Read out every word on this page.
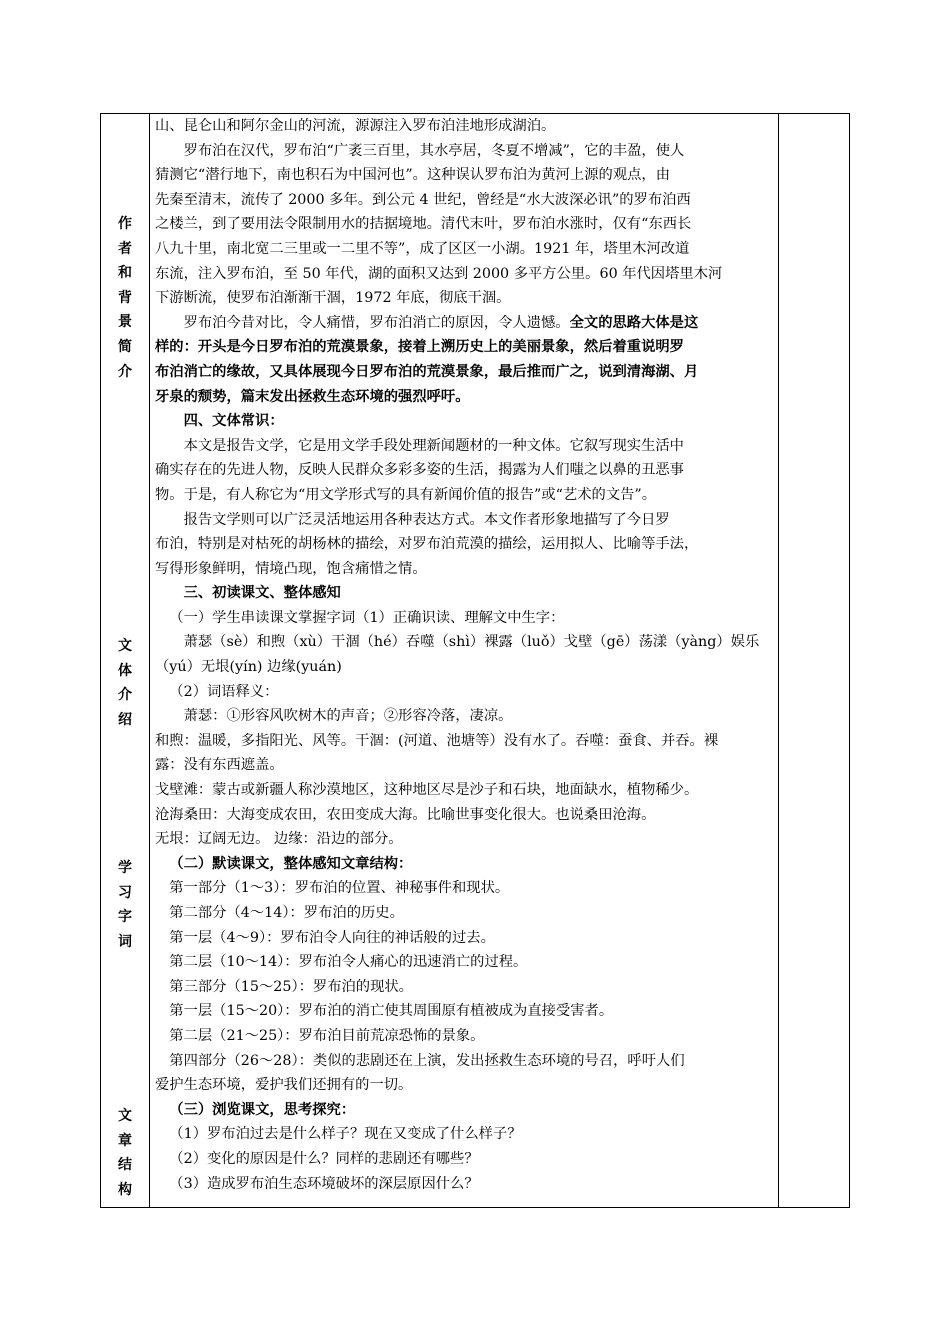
作
者
和
背
景
简
介
文
体
介
绍
学
习
字
词
文
章
结
构

山、昆仑山和阿尔金山的河流，源源注入罗布泊洼地形成湖泊。

罗布泊在汉代，罗布泊“广袤三百里，其水亭居，冬夏不增减”，它的丰盈，使人

猜测它“潜行地下，南也积石为中国河也”。这种误认罗布泊为黄河上源的观点，由

先秦至清末，流传了 2000 多年。到公元 4 世纪，曾经是“水大波深必讯”的罗布泊西

之楼兰，到了要用法令限制用水的拮据境地。清代末叶，罗布泊水涨时，仅有“东西长

八九十里，南北宽二三里或一二里不等”，成了区区一小湖。1921 年，塔里木河改道

东流，注入罗布泊，至 50 年代，湖的面积又达到 2000 多平方公里。60 年代因塔里木河

下游断流，使罗布泊渐渐干涸，1972 年底，彻底干涸。

罗布泊今昔对比，令人痛惜，罗布泊消亡的原因，令人遗憾。全文的思路大体是这

样的：开头是今日罗布泊的荒漠景象，接着上溯历史上的美丽景象，然后着重说明罗

布泊消亡的缘故，又具体展现今日罗布泊的荒漠景象，最后推而广之，说到清海湖、月

牙泉的颓势，篇末发出拯救生态环境的强烈呼吁。

四、文体常识：

本文是报告文学，它是用文学手段处理新闻题材的一种文体。它叙写现实生活中

确实存在的先进人物，反映人民群众多彩多姿的生活，揭露为人们嗤之以鼻的丑恶事

物。于是，有人称它为“用文学形式写的具有新闻价值的报告”或“艺术的文告”。

报告文学则可以广泛灵活地运用各种表达方式。本文作者形象地描写了今日罗

布泊，特别是对枯死的胡杨林的描绘，对罗布泊荒漠的描绘，运用拟人、比喻等手法，

写得形象鲜明，情境凸现，饱含痛惜之情。

三、初读课文、整体感知

（一）学生串读课文掌握字词（1）正确识读、理解文中生字：

萧瑟（sè）和煦（xù）干涸（hé）吞噬（shì）裸露（luǒ）戈壁（gē）荡漾（yàng）娱乐

（yú）无垠(yín) 边缘(yuán)

（2）词语释义：

萧瑟：①形容风吹树木的声音；②形容冷落，凄凉。

和煦：温暖，多指阳光、风等。干涸：(河道、池塘等）没有水了。吞噬：蚕食、并吞。裸

露：没有东西遮盖。

戈壁滩：蒙古或新疆人称沙漠地区，这种地区尽是沙子和石块，地面缺水，植物稀少。

沧海桑田：大海变成农田，农田变成大海。比喻世事变化很大。也说桑田沧海。

无垠：辽阔无边。 边缘：沿边的部分。

（二）默读课文，整体感知文章结构：

第一部分（1～3）：罗布泊的位置、神秘事件和现状。

第二部分（4～14）：罗布泊的历史。

第一层（4～9）：罗布泊令人向往的神话般的过去。

第二层（10～14）：罗布泊令人痛心的迅速消亡的过程。

第三部分（15～25）：罗布泊的现状。

第一层（15～20）：罗布泊的消亡使其周围原有植被成为直接受害者。

第二层（21～25）：罗布泊目前荒凉恐怖的景象。

第四部分（26～28）：类似的悲剧还在上演，发出拯救生态环境的号召，呼吁人们

爱护生态环境，爱护我们还拥有的一切。

（三）浏览课文，思考探究：

（1）罗布泊过去是什么样子？现在又变成了什么样子？

（2）变化的原因是什么？同样的悲剧还有哪些？

（3）造成罗布泊生态环境破坏的深层原因什么？
